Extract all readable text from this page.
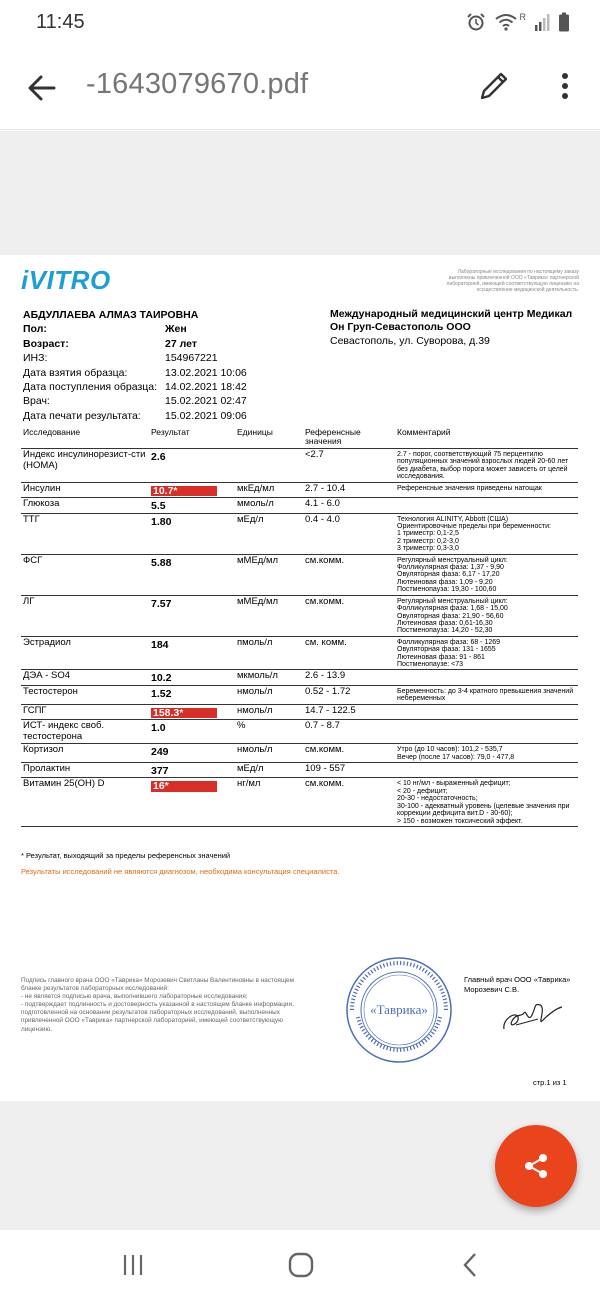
11:45	R
-1643079670.pdf
iVITRO	Лабораторные исследования по настоящему заказу выполнены привлеченной ООО «Таврика» партнерской лабораторией, имеющей соответствующую лицензию на осуществление медицинской деятельность.
АБДУЛЛАЕВА АЛМАЗ ТАИРОВНА
Пол:	Жен
Возраст:	27 лет
ИНЗ:	154967221
Дата взятия образца:	13.02.2021 10:06
Дата поступления образца: 14.02.2021 18:42
Врач:	15.02.2021 02:47
Дата печати результата:	15.02.2021 09:06
Международный медицинский центр Медикал
Он Груп-Севастополь ООО
Севастополь, ул. Суворова, д.39
Исследование	Результат	Единицы	Референсные значения	Комментарий
Индекс инсулинорезист-сти (НОМА)	2.6		<2.7	2.7 - порог, соответствующий 75 перцентилю популяционных значений взрослых людей 20-60 лет без диабета, выбор порога может зависеть от целей исследования.
Инсулин	10.7*	мкЕд/мл	2.7 - 10.4	Референсные значения приведены натощак
Глюкоза	5.5	ммоль/л	4.1 - 6.0	
ТТГ	1.80	мЕд/л	0.4 - 4.0	Технология ALINITY, Abbott (США)
Ориентировочные пределы при беременности:
1 триместр: 0,1-2,5
2 триместр: 0,2-3,0
3 триместр: 0,3-3,0
ФСГ	5.88	мМЕд/мл	см.комм.	Регулярный менструальный цикл:
Фолликулярная фаза: 1,37 - 9,90
Овуляторная фаза: 6,17 - 17,20
Лютеиновая фаза: 1,09 - 9,20
Постменопауза: 19,30 - 100,60
ЛГ	7.57	мМЕд/мл	см.комм.	Регулярный менструальный цикл:
Фолликулярная фаза: 1,68 - 15,00
Овуляторная фаза: 21,90 - 56,60
Лютеиновая фаза: 0,61-16,30
Постменопауза: 14,20 - 52,30
Эстрадиол	184	пмоль/л	см. комм.	Фолликулярная фаза: 68 - 1269
Овуляторная фаза: 131 - 1655
Лютеиновая фаза: 91 - 861
Постменопаузе: <73
ДЭА - SO4	10.2	мкмоль/л	2.6 - 13.9	
Тестостерон	1.52	нмоль/л	0.52 - 1.72	Беременность: до 3-4 кратного превышения значений небеременных
ГСПГ	158.3*	нмоль/л	14.7 - 122.5	
ИСТ- индекс своб. тестостерона	1.0	%	0.7 - 8.7	
Кортизол	249	нмоль/л	см.комм.	Утро (до 10 часов): 101,2 - 535,7
Вечер (после 17 часов): 79,0 - 477,8
Пролактин	377	мЕд/л	109 - 557	
Витамин 25(OH) D	16*	нг/мл	см.комм.	< 10 нг/мл - выраженный дефицит;
< 20 - дефицит;
20-30 - недостаточность;
30-100 - адекватный уровень (целевые значения при коррекции дефицита вит.D - 30-60);
> 150 - возможен токсический эффект.
* Результат, выходящий за пределы референсных значений
Результаты исследований не являются диагнозом, необходима консультация специалиста.
Подпись главного врача ООО «Таврика» Морозевич Светланы Валентиновны в настоящем бланке результатов лабораторных исследований:
- не является подписью врача, выполнившего лабораторные исследования;
- подтверждает подлинность и достоверность указанной в настоящем бланке информации, подготовленной на основании результатов лабораторных исследований, выполненных привлеченной ООО «Таврика» партнерской лабораторией, имеющей соответствующую лицензию.
«Таврика»
Главный врач ООО «Таврика»
Морозевич С.В.
стр.1 из 1
